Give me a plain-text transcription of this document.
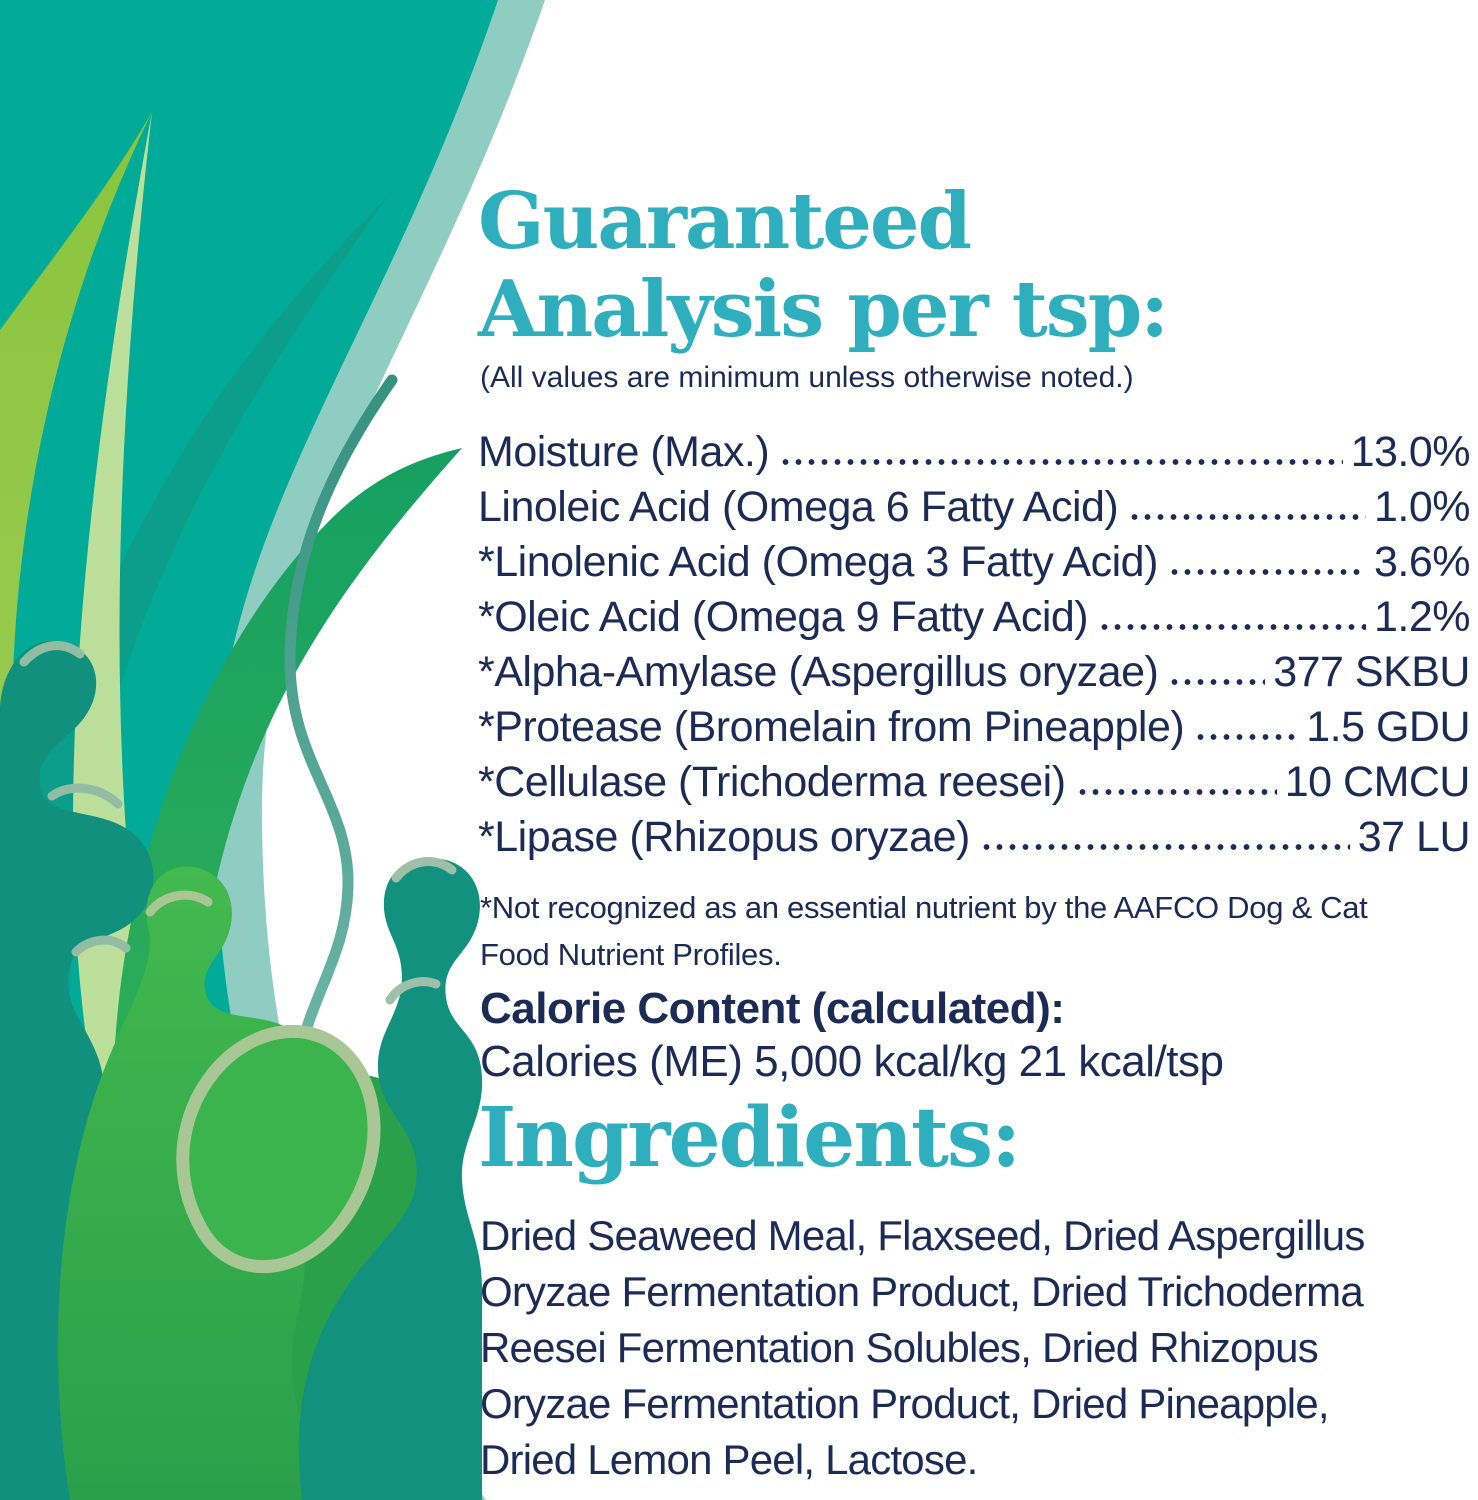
Guaranteed
Analysis per tsp:
(All values are minimum unless otherwise noted.)
Moisture (Max.)	13.0%
Linoleic Acid (Omega 6 Fatty Acid)	1.0%
*Linolenic Acid (Omega 3 Fatty Acid)	3.6%
*Oleic Acid (Omega 9 Fatty Acid)	1.2%
*Alpha-Amylase (Aspergillus oryzae)	377 SKBU
*Protease (Bromelain from Pineapple)	1.5 GDU
*Cellulase (Trichoderma reesei)	10 CMCU
*Lipase (Rhizopus oryzae)	37 LU
*Not recognized as an essential nutrient by the AAFCO Dog & Cat
Food Nutrient Profiles.
Calorie Content (calculated):
Calories (ME) 5,000 kcal/kg 21 kcal/tsp
Ingredients:
Dried Seaweed Meal, Flaxseed, Dried Aspergillus
Oryzae Fermentation Product, Dried Trichoderma
Reesei Fermentation Solubles, Dried Rhizopus
Oryzae Fermentation Product, Dried Pineapple,
Dried Lemon Peel, Lactose.
